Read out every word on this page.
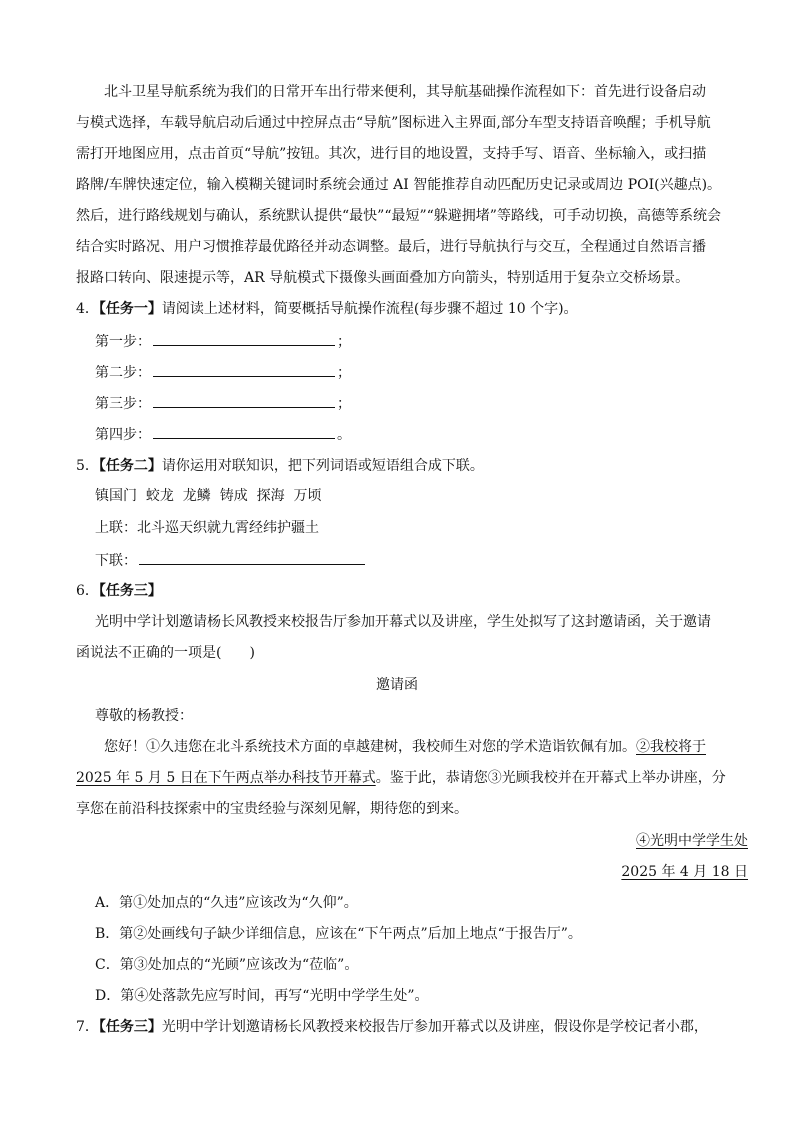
北斗卫星导航系统为我们的日常开车出行带来便利，其导航基础操作流程如下：首先进行设备启动
与模式选择，车载导航启动后通过中控屏点击“导航”图标进入主界面,部分车型支持语音唤醒；手机导航
需打开地图应用，点击首页“导航”按钮。其次，进行目的地设置，支持手写、语音、坐标输入，或扫描
路牌/车牌快速定位，输入模糊关键词时系统会通过 AI 智能推荐自动匹配历史记录或周边 POI(兴趣点)。
然后，进行路线规划与确认，系统默认提供“最快”“最短”“躲避拥堵”等路线，可手动切换，高德等系统会
结合实时路况、用户习惯推荐最优路径并动态调整。最后，进行导航执行与交互，全程通过自然语言播
报路口转向、限速提示等，AR 导航模式下摄像头画面叠加方向箭头，特别适用于复杂立交桥场景。
4．【任务一】请阅读上述材料，简要概括导航操作流程(每步骤不超过 10 个字)。
第一步：	；
第二步：	；
第三步：	；
第四步：	。
5．【任务二】请你运用对联知识，把下列词语或短语组合成下联。
镇国门  蛟龙  龙鳞  铸成  探海  万顷
上联：北斗巡天织就九霄经纬护疆土
下联：
6．【任务三】
光明中学计划邀请杨长风教授来校报告厅参加开幕式以及讲座，学生处拟写了这封邀请函，关于邀请
函说法不正确的一项是(　　)
邀请函
尊敬的杨教授：
您好！①久违您在北斗系统技术方面的卓越建树，我校师生对您的学术造诣钦佩有加。②我校将于
2025 年 5 月 5 日在下午两点举办科技节开幕式。鉴于此，恭请您③光顾我校并在开幕式上举办讲座，分
享您在前沿科技探索中的宝贵经验与深刻见解，期待您的到来。
④光明中学学生处
2025 年 4 月 18 日
A．第①处加点的“久违”应该改为“久仰”。
B．第②处画线句子缺少详细信息，应该在“下午两点”后加上地点“于报告厅”。
C．第③处加点的“光顾”应该改为“莅临”。
D．第④处落款先应写时间，再写“光明中学学生处”。
7．【任务三】光明中学计划邀请杨长风教授来校报告厅参加开幕式以及讲座，假设你是学校记者小郡，
